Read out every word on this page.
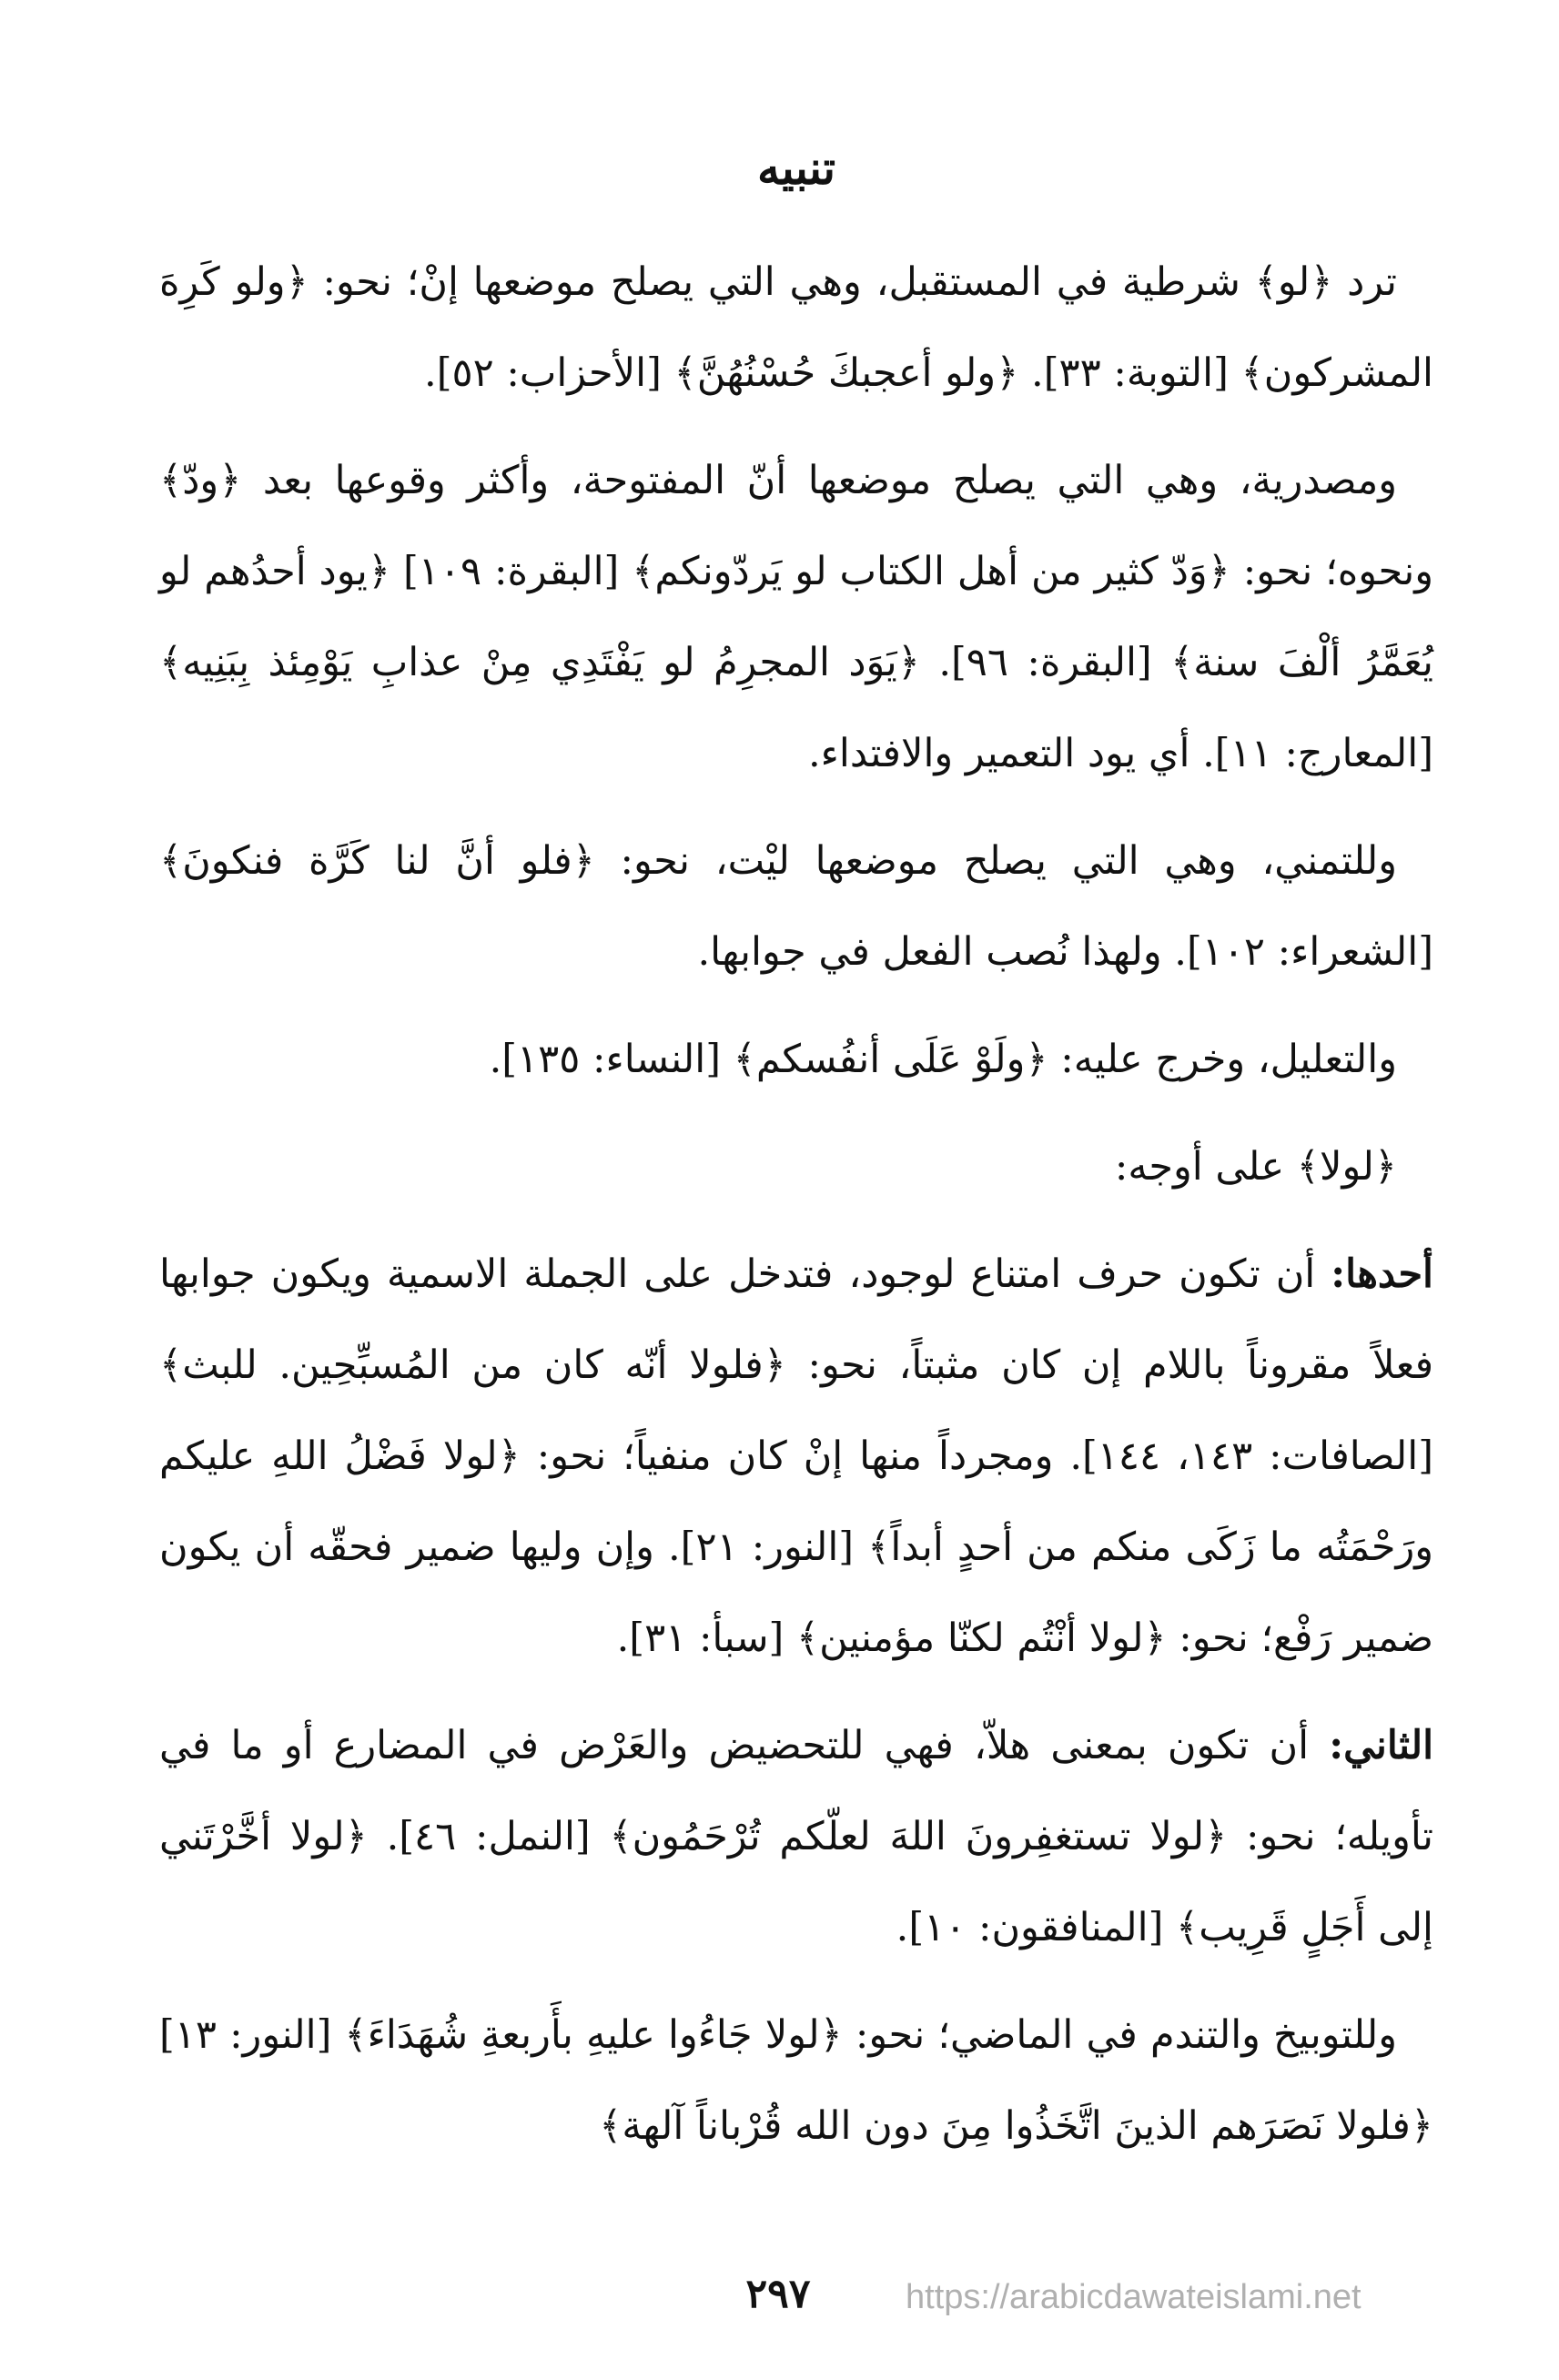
تنبيه

ترد ﴿لو﴾ شرطية في المستقبل، وهي التي يصلح موضعها إنْ؛ نحو: ﴿ولو كَرِهَ المشركون﴾ [التوبة: ٣٣]. ﴿ولو أعجبكَ حُسْنُهُنَّ﴾ [الأحزاب: ٥٢].

ومصدرية، وهي التي يصلح موضعها أنّ المفتوحة، وأكثر وقوعها بعد ﴿ودّ﴾ ونحوه؛ نحو: ﴿وَدّ كثير من أهل الكتاب لو يَردّونكم﴾ [البقرة: ١٠٩] ﴿يود أحدُهم لو يُعَمَّرُ ألْفَ سنة﴾ [البقرة: ٩٦]. ﴿يَوَد المجرِمُ لو يَفْتَدِي مِنْ عذابِ يَوْمِئذ بِبَنِيه﴾ [المعارج: ١١]. أي يود التعمير والافتداء.

وللتمني، وهي التي يصلح موضعها ليْت، نحو: ﴿فلو أنَّ لنا كَرَّة فنكونَ﴾ [الشعراء: ١٠٢]. ولهذا نُصب الفعل في جوابها.

والتعليل، وخرج عليه: ﴿ولَوْ عَلَى أنفُسكم﴾ [النساء: ١٣٥].

﴿لولا﴾ على أوجه:

أحدها: أن تكون حرف امتناع لوجود، فتدخل على الجملة الاسمية ويكون جوابها فعلاً مقروناً باللام إن كان مثبتاً، نحو: ﴿فلولا أنّه كان من المُسبِّحِين. للبث﴾ [الصافات: ١٤٣، ١٤٤]. ومجرداً منها إنْ كان منفياً؛ نحو: ﴿لولا فَضْلُ اللهِ عليكم ورَحْمَتُه ما زَكَى منكم من أحدٍ أبداً﴾ [النور: ٢١]. وإن وليها ضمير فحقّه أن يكون ضمير رَفْع؛ نحو: ﴿لولا أنْتُم لكنّا مؤمنين﴾ [سبأ: ٣١].

الثاني: أن تكون بمعنى هلاّ، فهي للتحضيض والعَرْض في المضارع أو ما في تأويله؛ نحو: ﴿لولا تستغفِرونَ اللهَ لعلّكم تُرْحَمُون﴾ [النمل: ٤٦]. ﴿لولا أخَّرْتَني إلى أَجَلٍ قَرِيب﴾ [المنافقون: ١٠].

وللتوبيخ والتندم في الماضي؛ نحو: ﴿لولا جَاءُوا عليهِ بأَربعةِ شُهَدَاءَ﴾ [النور: ١٣] ﴿فلولا نَصَرَهم الذينَ اتَّخَذُوا مِنَ دون الله قُرْباناً آلهة﴾

٢٩٧	https://arabicdawateislami.net
